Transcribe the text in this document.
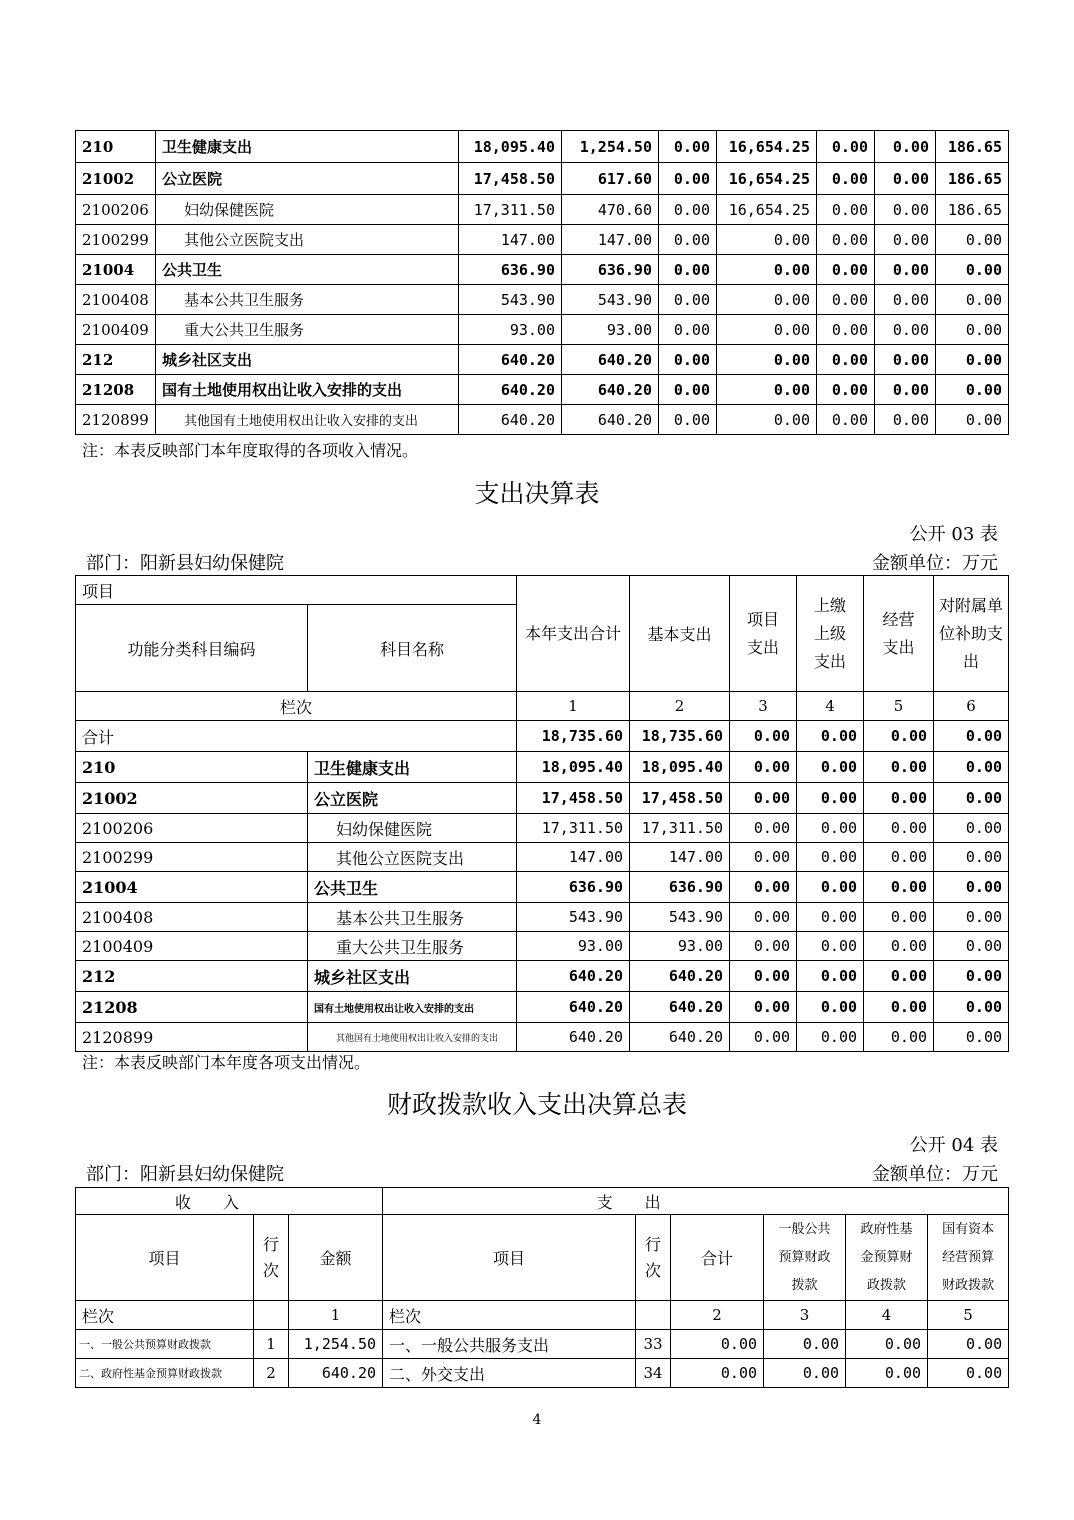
210	卫生健康支出	18,095.40	1,254.50	0.00	16,654.25	0.00	0.00	186.65
21002	公立医院	17,458.50	617.60	0.00	16,654.25	0.00	0.00	186.65
2100206	妇幼保健医院	17,311.50	470.60	0.00	16,654.25	0.00	0.00	186.65
2100299	其他公立医院支出	147.00	147.00	0.00	0.00	0.00	0.00	0.00
21004	公共卫生	636.90	636.90	0.00	0.00	0.00	0.00	0.00
2100408	基本公共卫生服务	543.90	543.90	0.00	0.00	0.00	0.00	0.00
2100409	重大公共卫生服务	93.00	93.00	0.00	0.00	0.00	0.00	0.00
212	城乡社区支出	640.20	640.20	0.00	0.00	0.00	0.00	0.00
21208	国有土地使用权出让收入安排的支出	640.20	640.20	0.00	0.00	0.00	0.00	0.00
2120899	其他国有土地使用权出让收入安排的支出	640.20	640.20	0.00	0.00	0.00	0.00	0.00
注：本表反映部门本年度取得的各项收入情况。
支出决算表
公开 03 表
部门：阳新县妇幼保健院	金额单位：万元
项目		本年支出合计	基本支出	项目支出	上缴上级支出	经营支出	对附属单位补助支出
功能分类科目编码	科目名称						
栏次		1	2	3	4	5	6
合计		18,735.60	18,735.60	0.00	0.00	0.00	0.00
210	卫生健康支出	18,095.40	18,095.40	0.00	0.00	0.00	0.00
21002	公立医院	17,458.50	17,458.50	0.00	0.00	0.00	0.00
2100206	妇幼保健医院	17,311.50	17,311.50	0.00	0.00	0.00	0.00
2100299	其他公立医院支出	147.00	147.00	0.00	0.00	0.00	0.00
21004	公共卫生	636.90	636.90	0.00	0.00	0.00	0.00
2100408	基本公共卫生服务	543.90	543.90	0.00	0.00	0.00	0.00
2100409	重大公共卫生服务	93.00	93.00	0.00	0.00	0.00	0.00
212	城乡社区支出	640.20	640.20	0.00	0.00	0.00	0.00
21208	国有土地使用权出让收入安排的支出	640.20	640.20	0.00	0.00	0.00	0.00
2120899	其他国有土地使用权出让收入安排的支出	640.20	640.20	0.00	0.00	0.00	0.00
注：本表反映部门本年度各项支出情况。
财政拨款收入支出决算总表
公开 04 表
部门：阳新县妇幼保健院	金额单位：万元
收　　入			支　　出					
项目	行次	金额	项目	行次	合计	一般公共预算财政拨款	政府性基金预算财政拨款	国有资本经营预算财政拨款
栏次		1	栏次		2	3	4	5
一、一般公共预算财政拨款	1	1,254.50	一、一般公共服务支出	33	0.00	0.00	0.00	0.00
二、政府性基金预算财政拨款	2	640.20	二、外交支出	34	0.00	0.00	0.00	0.00
4
